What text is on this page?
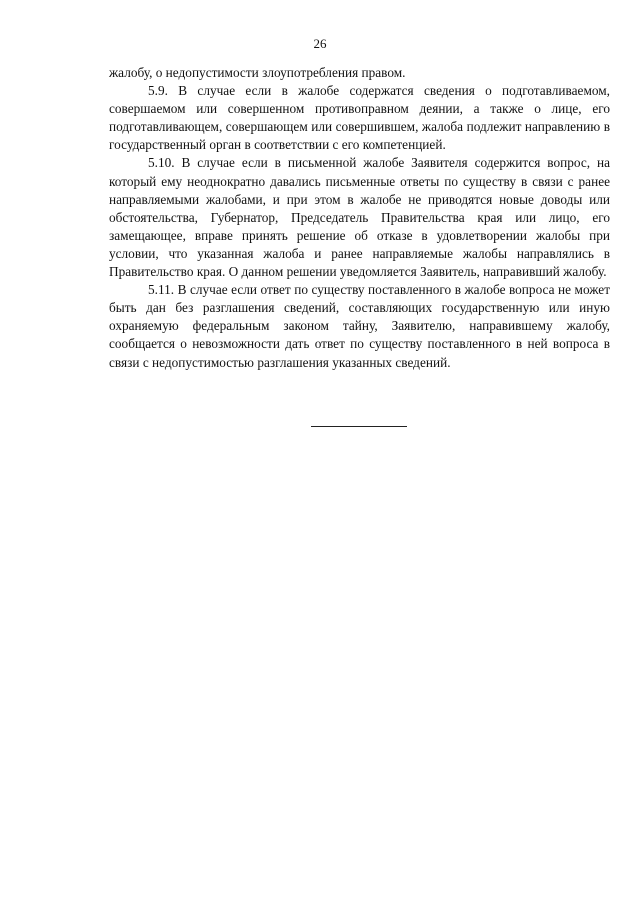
26

жалобу, о недопустимости злоупотребления правом.

5.9. В случае если в жалобе содержатся сведения о подготавливаемом, совершаемом или совершенном противоправном деянии, а также о лице, его подготавливающем, совершающем или совершившем, жалоба подлежит направлению в государственный орган в соответствии с его компетенцией.

5.10. В случае если в письменной жалобе Заявителя содержится вопрос, на который ему неоднократно давались письменные ответы по существу в связи с ранее направляемыми жалобами, и при этом в жалобе не приводятся новые доводы или обстоятельства, Губернатор, Председатель Правительства края или лицо, его замещающее, вправе принять решение об отказе в удовлетворении жалобы при условии, что указанная жалоба и ранее направляемые жалобы направлялись в Правительство края. О данном решении уведомляется Заявитель, направивший жалобу.

5.11. В случае если ответ по существу поставленного в жалобе вопроса не может быть дан без разглашения сведений, составляющих государственную или иную охраняемую федеральным законом тайну, Заявителю, направившему жалобу, сообщается о невозможности дать ответ по существу поставленного в ней вопроса в связи с недопустимостью разглашения указанных сведений.
